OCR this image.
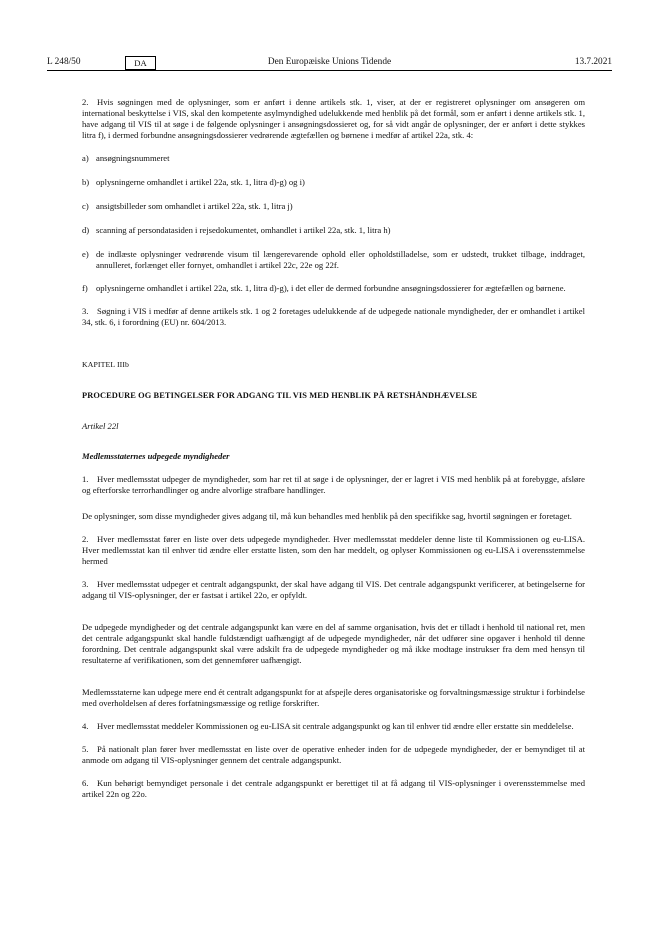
L 248/50	DA	Den Europæiske Unions Tidende	13.7.2021

2. Hvis søgningen med de oplysninger, som er anført i denne artikels stk. 1, viser, at der er registreret oplysninger om ansøgeren om international beskyttelse i VIS, skal den kompetente asylmyndighed udelukkende med henblik på det formål, som er anført i denne artikels stk. 1, have adgang til VIS til at søge i de følgende oplysninger i ansøgningsdossieret og, for så vidt angår de oplysninger, der er anført i dette stykkes litra f), i dermed forbundne ansøgningsdossierer vedrørende ægtefællen og børnene i medfør af artikel 22a, stk. 4:

a) ansøgningsnummeret
b) oplysningerne omhandlet i artikel 22a, stk. 1, litra d)-g) og i)
c) ansigtsbilleder som omhandlet i artikel 22a, stk. 1, litra j)
d) scanning af persondatasiden i rejsedokumentet, omhandlet i artikel 22a, stk. 1, litra h)
e) de indlæste oplysninger vedrørende visum til længerevarende ophold eller opholdstilladelse, som er udstedt, trukket tilbage, inddraget, annulleret, forlænget eller fornyet, omhandlet i artikel 22c, 22e og 22f.
f) oplysningerne omhandlet i artikel 22a, stk. 1, litra d)-g), i det eller de dermed forbundne ansøgningsdossierer for ægtefællen og børnene.

3. Søgning i VIS i medfør af denne artikels stk. 1 og 2 foretages udelukkende af de udpegede nationale myndigheder, der er omhandlet i artikel 34, stk. 6, i forordning (EU) nr. 604/2013.

KAPITEL IIIb

PROCEDURE OG BETINGELSER FOR ADGANG TIL VIS MED HENBLIK PÅ RETSHÅNDHÆVELSE

Artikel 22l

Medlemsstaternes udpegede myndigheder

1. Hver medlemsstat udpeger de myndigheder, som har ret til at søge i de oplysninger, der er lagret i VIS med henblik på at forebygge, afsløre og efterforske terrorhandlinger og andre alvorlige strafbare handlinger.

De oplysninger, som disse myndigheder gives adgang til, må kun behandles med henblik på den specifikke sag, hvortil søgningen er foretaget.

2. Hver medlemsstat fører en liste over dets udpegede myndigheder. Hver medlemsstat meddeler denne liste til Kommissionen og eu-LISA. Hver medlemsstat kan til enhver tid ændre eller erstatte listen, som den har meddelt, og oplyser Kommissionen og eu-LISA i overensstemmelse hermed

3. Hver medlemsstat udpeger et centralt adgangspunkt, der skal have adgang til VIS. Det centrale adgangspunkt verificerer, at betingelserne for adgang til VIS-oplysninger, der er fastsat i artikel 22o, er opfyldt.

De udpegede myndigheder og det centrale adgangspunkt kan være en del af samme organisation, hvis det er tilladt i henhold til national ret, men det centrale adgangspunkt skal handle fuldstændigt uafhængigt af de udpegede myndigheder, når det udfører sine opgaver i henhold til denne forordning. Det centrale adgangspunkt skal være adskilt fra de udpegede myndigheder og må ikke modtage instrukser fra dem med hensyn til resultaterne af verifikationen, som det gennemfører uafhængigt.

Medlemsstaterne kan udpege mere end ét centralt adgangspunkt for at afspejle deres organisatoriske og forvaltningsmæssige struktur i forbindelse med overholdelsen af deres forfatningsmæssige og retlige forskrifter.

4. Hver medlemsstat meddeler Kommissionen og eu-LISA sit centrale adgangspunkt og kan til enhver tid ændre eller erstatte sin meddelelse.

5. På nationalt plan fører hver medlemsstat en liste over de operative enheder inden for de udpegede myndigheder, der er bemyndiget til at anmode om adgang til VIS-oplysninger gennem det centrale adgangspunkt.

6. Kun behørigt bemyndiget personale i det centrale adgangspunkt er berettiget til at få adgang til VIS-oplysninger i overensstemmelse med artikel 22n og 22o.
